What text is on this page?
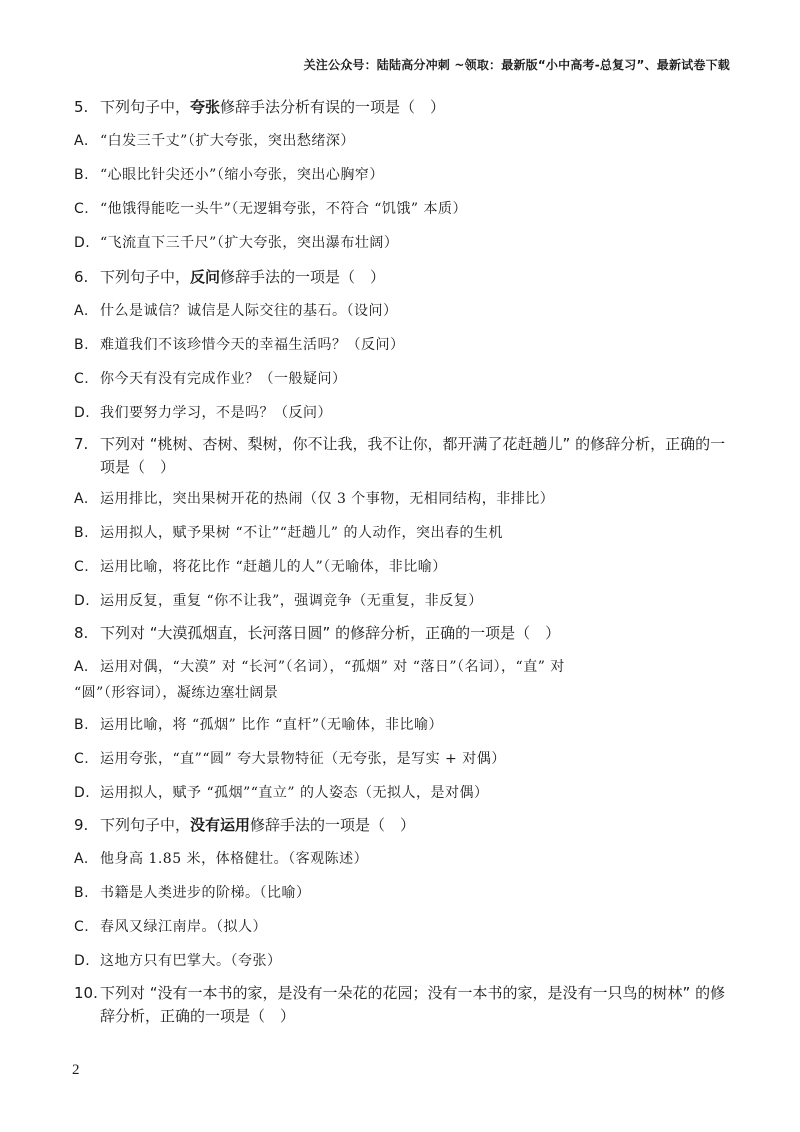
关注公众号：陆陆高分冲刺 ~领取：最新版“小中高考-总复习”、最新试卷下载
5. 下列句子中，夸张修辞手法分析有误的一项是（　）
A. “白发三千丈”（扩大夸张，突出愁绪深）
B. “心眼比针尖还小”（缩小夸张，突出心胸窄）
C. “他饿得能吃一头牛”（无逻辑夸张，不符合 “饥饿” 本质）
D. “飞流直下三千尺”（扩大夸张，突出瀑布壮阔）
6. 下列句子中，反问修辞手法的一项是（　）
A. 什么是诚信？诚信是人际交往的基石。（设问）
B. 难道我们不该珍惜今天的幸福生活吗？（反问）
C. 你今天有没有完成作业？（一般疑问）
D. 我们要努力学习，不是吗？（反问）
7. 下列对 “桃树、杏树、梨树，你不让我，我不让你，都开满了花赶趟儿” 的修辞分析，正确的一
项是（　）
A. 运用排比，突出果树开花的热闹（仅 3 个事物，无相同结构，非排比）
B. 运用拟人，赋予果树 “不让”“赶趟儿” 的人动作，突出春的生机
C. 运用比喻，将花比作 “赶趟儿的人”（无喻体，非比喻）
D. 运用反复，重复 “你不让我”，强调竞争（无重复，非反复）
8. 下列对 “大漠孤烟直，长河落日圆” 的修辞分析，正确的一项是（　）
A. 运用对偶，“大漠” 对 “长河”（名词），“孤烟” 对 “落日”（名词），“直” 对
“圆”（形容词），凝练边塞壮阔景
B. 运用比喻，将 “孤烟” 比作 “直杆”（无喻体，非比喻）
C. 运用夸张，“直”“圆” 夸大景物特征（无夸张，是写实 + 对偶）
D. 运用拟人，赋予 “孤烟”“直立” 的人姿态（无拟人，是对偶）
9. 下列句子中，没有运用修辞手法的一项是（　）
A. 他身高 1.85 米，体格健壮。（客观陈述）
B. 书籍是人类进步的阶梯。（比喻）
C. 春风又绿江南岸。（拟人）
D. 这地方只有巴掌大。（夸张）
10. 下列对 “没有一本书的家，是没有一朵花的花园；没有一本书的家，是没有一只鸟的树林” 的修
辞分析，正确的一项是（　）
2
